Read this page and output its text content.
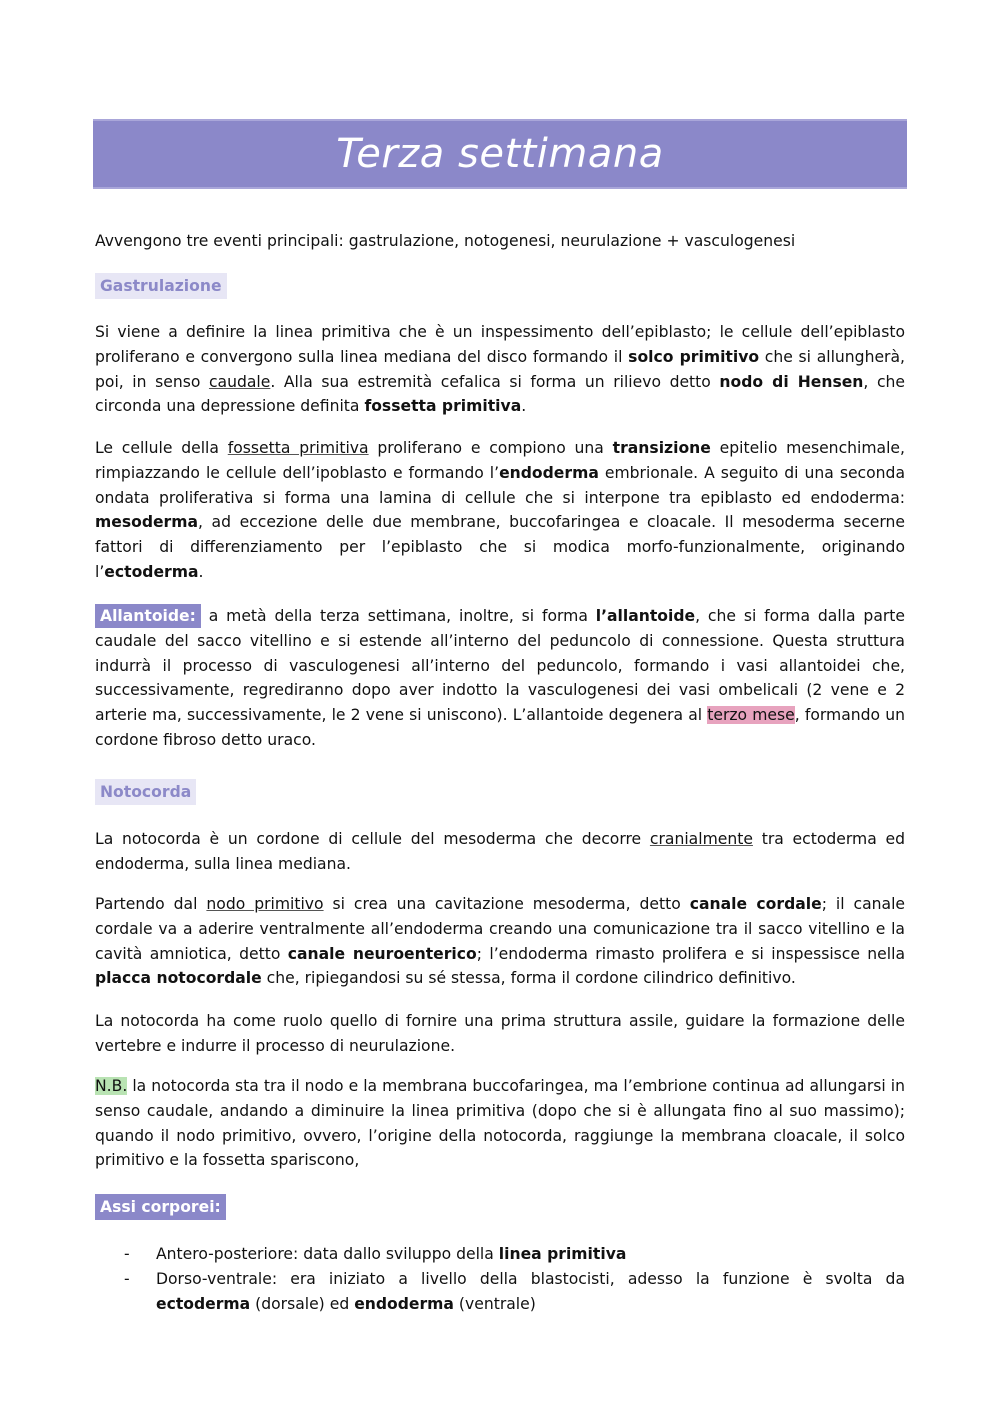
Terza settimana
Avvengono tre eventi principali: gastrulazione, notogenesi, neurulazione + vasculogenesi
Gastrulazione
Si viene a definire la linea primitiva che è un inspessimento dell’epiblasto; le cellule dell’epiblasto proliferano e convergono sulla linea mediana del disco formando il solco primitivo che si allungherà, poi, in senso caudale. Alla sua estremità cefalica si forma un rilievo detto nodo di Hensen, che circonda una depressione definita fossetta primitiva.
Le cellule della fossetta primitiva proliferano e compiono una transizione epitelio mesenchimale, rimpiazzando le cellule dell’ipoblasto e formando l’endoderma embrionale. A seguito di una seconda ondata proliferativa si forma una lamina di cellule che si interpone tra epiblasto ed endoderma: mesoderma, ad eccezione delle due membrane, buccofaringea e cloacale. Il mesoderma secerne fattori di differenziamento per l’epiblasto che si modica morfo-funzionalmente, originando l’ectoderma.
Allantoide: a metà della terza settimana, inoltre, si forma l’allantoide, che si forma dalla parte caudale del sacco vitellino e si estende all’interno del peduncolo di connessione. Questa struttura indurrà il processo di vasculogenesi all’interno del peduncolo, formando i vasi allantoidei che, successivamente, regrediranno dopo aver indotto la vasculogenesi dei vasi ombelicali (2 vene e 2 arterie ma, successivamente, le 2 vene si uniscono). L’allantoide degenera al terzo mese, formando un cordone fibroso detto uraco.
Notocorda
La notocorda è un cordone di cellule del mesoderma che decorre cranialmente tra ectoderma ed endoderma, sulla linea mediana.
Partendo dal nodo primitivo si crea una cavitazione mesoderma, detto canale cordale; il canale cordale va a aderire ventralmente all’endoderma creando una comunicazione tra il sacco vitellino e la cavità amniotica, detto canale neuroenterico; l’endoderma rimasto prolifera e si inspessisce nella placca notocordale che, ripiegandosi su sé stessa, forma il cordone cilindrico definitivo.
La notocorda ha come ruolo quello di fornire una prima struttura assile, guidare la formazione delle vertebre e indurre il processo di neurulazione.
N.B. la notocorda sta tra il nodo e la membrana buccofaringea, ma l’embrione continua ad allungarsi in senso caudale, andando a diminuire la linea primitiva (dopo che si è allungata fino al suo massimo); quando il nodo primitivo, ovvero, l’origine della notocorda, raggiunge la membrana cloacale, il solco primitivo e la fossetta spariscono,
Assi corporei:
- Antero-posteriore: data dallo sviluppo della linea primitiva
- Dorso-ventrale: era iniziato a livello della blastocisti, adesso la funzione è svolta da ectoderma (dorsale) ed endoderma (ventrale)
